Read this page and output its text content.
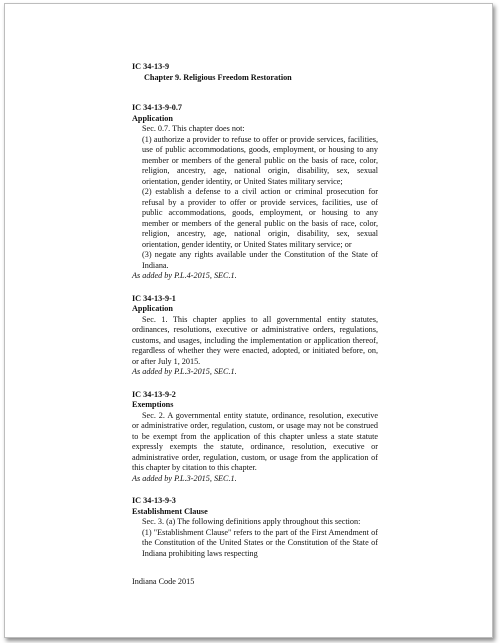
IC 34-13-9
Chapter 9. Religious Freedom Restoration
IC 34-13-9-0.7
Application
Sec. 0.7. This chapter does not:
(1) authorize a provider to refuse to offer or provide services, facilities, use of public accommodations, goods, employment, or housing to any member or members of the general public on the basis of race, color, religion, ancestry, age, national origin, disability, sex, sexual orientation, gender identity, or United States military service;
(2) establish a defense to a civil action or criminal prosecution for refusal by a provider to offer or provide services, facilities, use of public accommodations, goods, employment, or housing to any member or members of the general public on the basis of race, color, religion, ancestry, age, national origin, disability, sex, sexual orientation, gender identity, or United States military service; or
(3) negate any rights available under the Constitution of the State of Indiana.
As added by P.L.4-2015, SEC.1.
IC 34-13-9-1
Application
Sec. 1. This chapter applies to all governmental entity statutes, ordinances, resolutions, executive or administrative orders, regulations, customs, and usages, including the implementation or application thereof, regardless of whether they were enacted, adopted, or initiated before, on, or after July 1, 2015.
As added by P.L.3-2015, SEC.1.
IC 34-13-9-2
Exemptions
Sec. 2. A governmental entity statute, ordinance, resolution, executive or administrative order, regulation, custom, or usage may not be construed to be exempt from the application of this chapter unless a state statute expressly exempts the statute, ordinance, resolution, executive or administrative order, regulation, custom, or usage from the application of this chapter by citation to this chapter.
As added by P.L.3-2015, SEC.1.
IC 34-13-9-3
Establishment Clause
Sec. 3. (a) The following definitions apply throughout this section:
(1) "Establishment Clause" refers to the part of the First Amendment of the Constitution of the United States or the Constitution of the State of Indiana prohibiting laws respecting
Indiana Code 2015
